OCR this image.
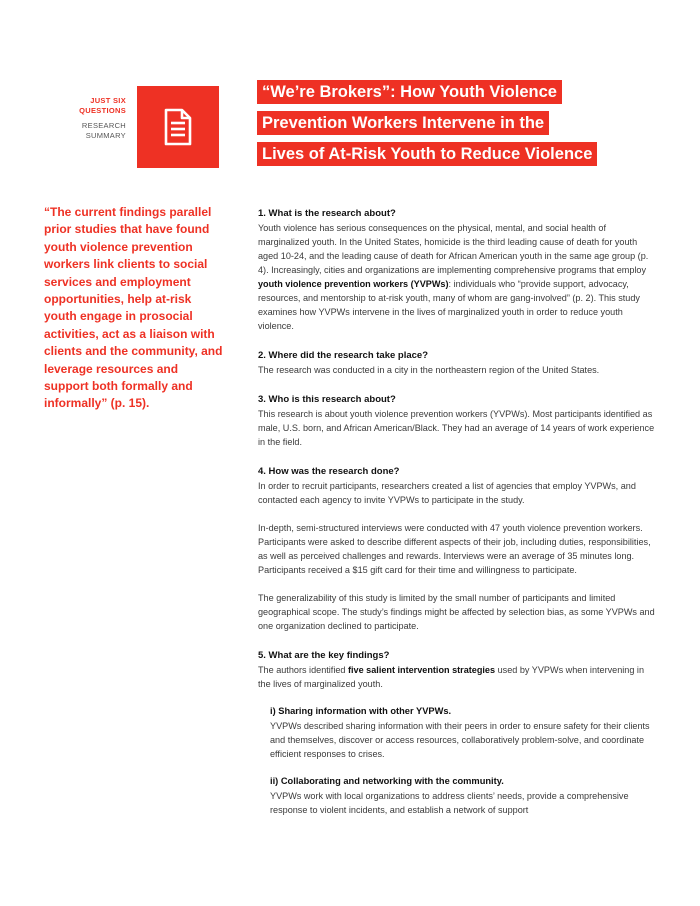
JUST SIX
QUESTIONS
RESEARCH
SUMMARY
“We’re Brokers”: How Youth Violence
Prevention Workers Intervene in the
Lives of At-Risk Youth to Reduce Violence
“The current findings parallel prior studies that have found youth violence prevention workers link clients to social services and employment opportunities, help at-risk youth engage in prosocial activities, act as a liaison with clients and the community, and leverage resources and support both formally and informally” (p. 15).
1. What is the research about?

Youth violence has serious consequences on the physical, mental, and social health of marginalized youth. In the United States, homicide is the third leading cause of death for youth aged 10-24, and the leading cause of death for African American youth in the same age group (p. 4). Increasingly, cities and organizations are implementing comprehensive programs that employ youth violence prevention workers (YVPWs): individuals who “provide support, advocacy, resources, and mentorship to at-risk youth, many of whom are gang-involved” (p. 2). This study examines how YVPWs intervene in the lives of marginalized youth in order to reduce youth violence.

2. Where did the research take place?

The research was conducted in a city in the northeastern region of the United States.

3. Who is this research about?

This research is about youth violence prevention workers (YVPWs). Most participants identified as male, U.S. born, and African American/Black. They had an average of 14 years of work experience in the field.

4. How was the research done?

In order to recruit participants, researchers created a list of agencies that employ YVPWs, and contacted each agency to invite YVPWs to participate in the study.

In-depth, semi-structured interviews were conducted with 47 youth violence prevention workers. Participants were asked to describe different aspects of their job, including duties, responsibilities, as well as perceived challenges and rewards. Interviews were an average of 35 minutes long. Participants received a $15 gift card for their time and willingness to participate.

The generalizability of this study is limited by the small number of participants and limited geographical scope. The study’s findings might be affected by selection bias, as some YVPWs and one organization declined to participate.

5. What are the key findings?

The authors identified five salient intervention strategies used by YVPWs when intervening in the lives of marginalized youth.

i) Sharing information with other YVPWs.

YVPWs described sharing information with their peers in order to ensure safety for their clients and themselves, discover or access resources, collaboratively problem-solve, and coordinate efficient responses to crises.

ii) Collaborating and networking with the community.

YVPWs work with local organizations to address clients’ needs, provide a comprehensive response to violent incidents, and establish a network of support
